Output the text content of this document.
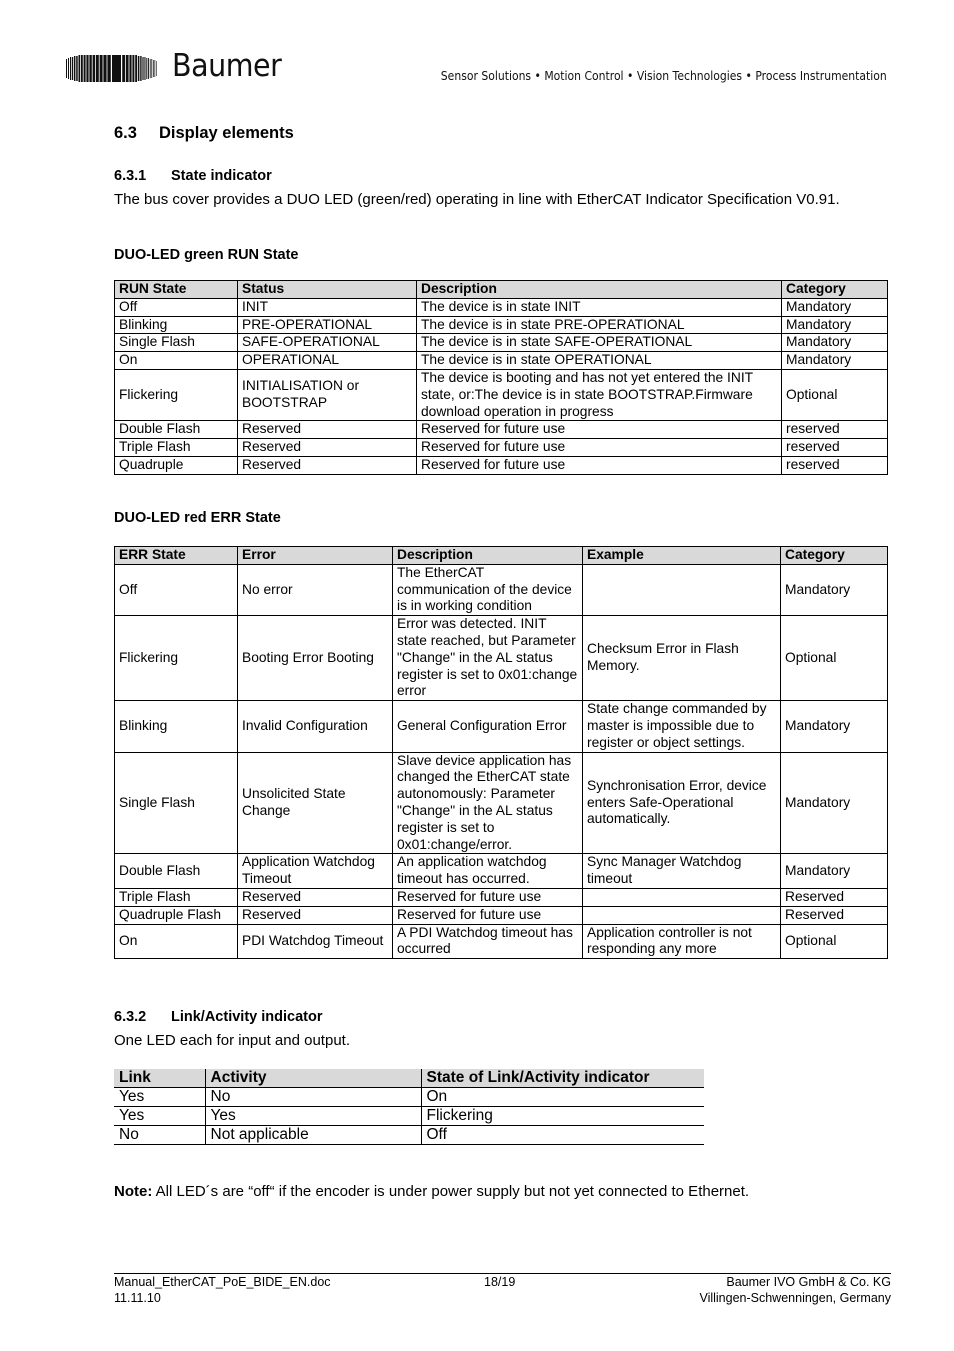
Baumer	Sensor Solutions • Motion Control • Vision Technologies • Process Instrumentation
6.3 Display elements
6.3.1 State indicator
The bus cover provides a DUO LED (green/red) operating in line with EtherCAT Indicator Specification V0.91.
DUO-LED green RUN State
RUN State	Status	Description	Category
Off	INIT	The device is in state INIT	Mandatory
Blinking	PRE-OPERATIONAL	The device is in state PRE-OPERATIONAL	Mandatory
Single Flash	SAFE-OPERATIONAL	The device is in state SAFE-OPERATIONAL	Mandatory
On	OPERATIONAL	The device is in state OPERATIONAL	Mandatory
Flickering	INITIALISATION or BOOTSTRAP	The device is booting and has not yet entered the INIT state, or:The device is in state BOOTSTRAP.Firmware download operation in progress	Optional
Double Flash	Reserved	Reserved for future use	reserved
Triple Flash	Reserved	Reserved for future use	reserved
Quadruple	Reserved	Reserved for future use	reserved
DUO-LED red ERR State
ERR State	Error	Description	Example	Category
Off	No error	The EtherCAT communication of the device is in working condition		Mandatory
Flickering	Booting Error Booting	Error was detected. INIT state reached, but Parameter "Change" in the AL status register is set to 0x01:change error	Checksum Error in Flash Memory.	Optional
Blinking	Invalid Configuration	General Configuration Error	State change commanded by master is impossible due to register or object settings.	Mandatory
Single Flash	Unsolicited State Change	Slave device application has changed the EtherCAT state autonomously: Parameter "Change" in the AL status register is set to 0x01:change/error.	Synchronisation Error, device enters Safe-Operational automatically.	Mandatory
Double Flash	Application Watchdog Timeout	An application watchdog timeout has occurred.	Sync Manager Watchdog timeout	Mandatory
Triple Flash	Reserved	Reserved for future use		Reserved
Quadruple Flash	Reserved	Reserved for future use		Reserved
On	PDI Watchdog Timeout	A PDI Watchdog timeout has occurred	Application controller is not responding any more	Optional
6.3.2 Link/Activity indicator
One LED each for input and output.
Link	Activity	State of Link/Activity indicator
Yes	No	On
Yes	Yes	Flickering
No	Not applicable	Off
Note: All LED´s are “off“ if the encoder is under power supply but not yet connected to Ethernet.
Manual_EtherCAT_PoE_BIDE_EN.doc
11.11.10
18/19	Baumer IVO GmbH & Co. KG
Villingen-Schwenningen, Germany
